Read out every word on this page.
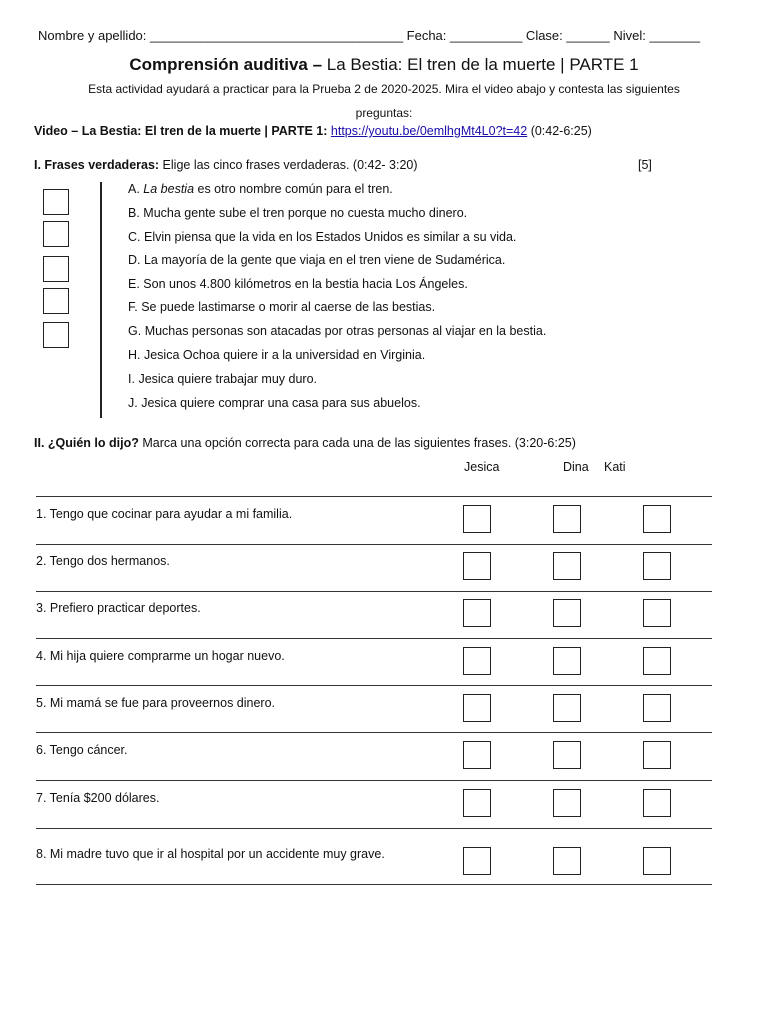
Nombre y apellido: ___________________________________ Fecha: __________ Clase: ______ Nivel: _______
Comprensión auditiva – La Bestia: El tren de la muerte | PARTE 1
Esta actividad ayudará a practicar para la Prueba 2 de 2020-2025. Mira el video abajo y contesta las siguientes preguntas:
Video – La Bestia: El tren de la muerte | PARTE 1: https://youtu.be/0emlhgMt4L0?t=42 (0:42-6:25)
I. Frases verdaderas: Elige las cinco frases verdaderas. (0:42- 3:20)	[5]
A. La bestia es otro nombre común para el tren.
B. Mucha gente sube el tren porque no cuesta mucho dinero.
C. Elvin piensa que la vida en los Estados Unidos es similar a su vida.
D. La mayoría de la gente que viaja en el tren viene de Sudamérica.
E. Son unos 4.800 kilómetros en la bestia hacia Los Ángeles.
F. Se puede lastimarse o morir al caerse de las bestias.
G. Muchas personas son atacadas por otras personas al viajar en la bestia.
H. Jesica Ochoa quiere ir a la universidad en Virginia.
I. Jesica quiere trabajar muy duro.
J. Jesica quiere comprar una casa para sus abuelos.
II. ¿Quién lo dijo? Marca una opción correcta para cada una de las siguientes frases. (3:20-6:25)
Jesica	Dina Kati
1. Tengo que cocinar para ayudar a mi familia.
2. Tengo dos hermanos.
3. Prefiero practicar deportes.
4. Mi hija quiere comprarme un hogar nuevo.
5. Mi mamá se fue para proveernos dinero.
6. Tengo cáncer.
7. Tenía $200 dólares.
8. Mi madre tuvo que ir al hospital por un accidente muy grave.
